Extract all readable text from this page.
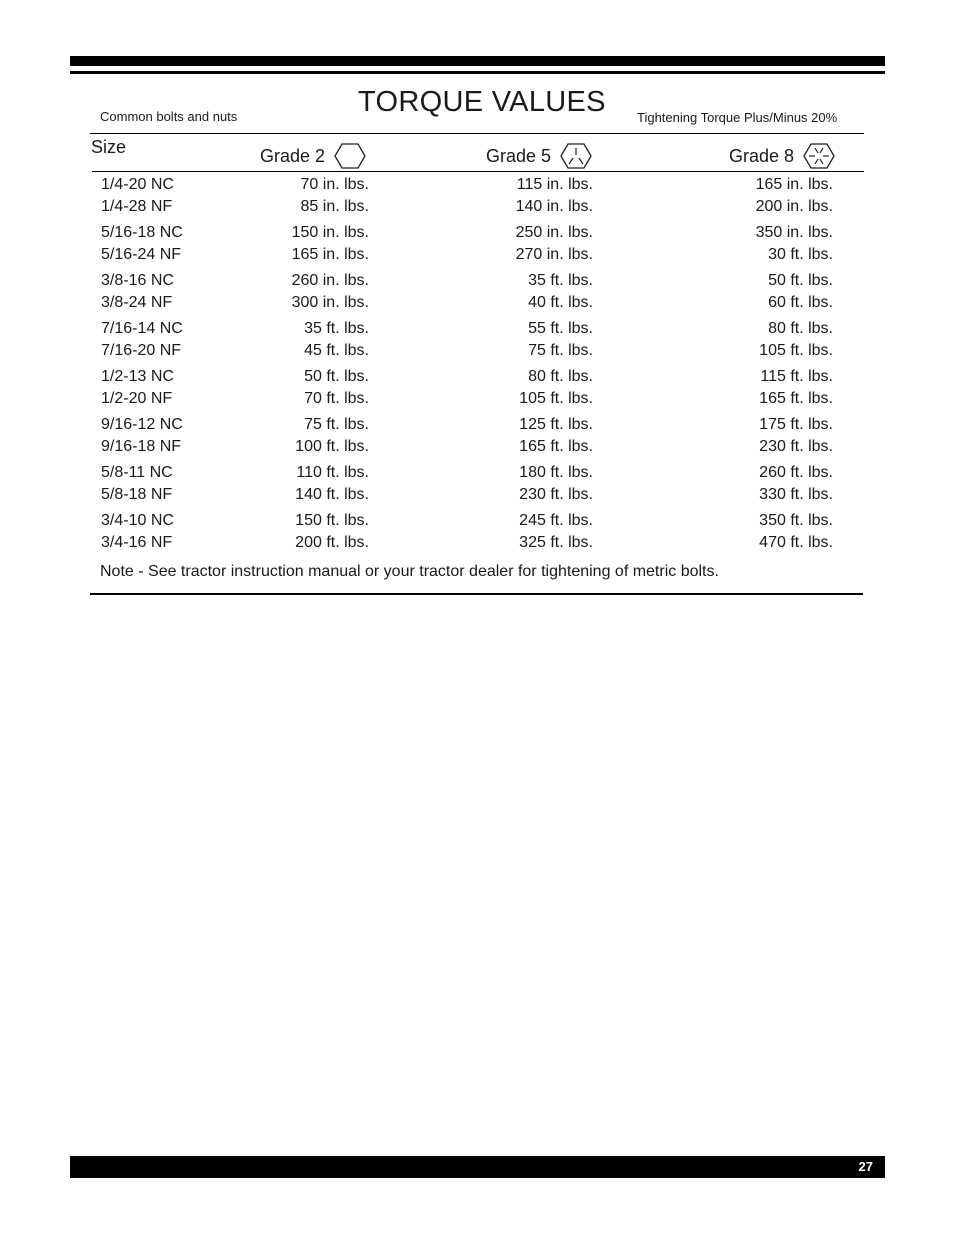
Common bolts and nuts	TORQUE VALUES Tightening Torque Plus/Minus 20%
Size	Grade 2	Grade 5	Grade 8
1/4-20 NC	70 in. lbs.	115 in. lbs.	165 in. lbs.
1/4-28 NF	85 in. lbs.	140 in. lbs.	200 in. lbs.
5/16-18 NC	150 in. lbs.	250 in. lbs.	350 in. lbs.
5/16-24 NF	165 in. lbs.	270 in. lbs.	30 ft. lbs.
3/8-16 NC	260 in. lbs.	35 ft. lbs.	50 ft. lbs.
3/8-24 NF	300 in. lbs.	40 ft. lbs.	60 ft. lbs.
7/16-14 NC	35 ft. lbs.	55 ft. lbs.	80 ft. lbs.
7/16-20 NF	45 ft. lbs.	75 ft. lbs.	105 ft. lbs.
1/2-13 NC	50 ft. lbs.	80 ft. lbs.	115 ft. lbs.
1/2-20 NF	70 ft. lbs.	105 ft. lbs.	165 ft. lbs.
9/16-12 NC	75 ft. lbs.	125 ft. lbs.	175 ft. lbs.
9/16-18 NF	100 ft. lbs.	165 ft. lbs.	230 ft. lbs.
5/8-11 NC	110 ft. lbs.	180 ft. lbs.	260 ft. lbs.
5/8-18 NF	140 ft. lbs.	230 ft. lbs.	330 ft. lbs.
3/4-10 NC	150 ft. lbs.	245 ft. lbs.	350 ft. lbs.
3/4-16 NF	200 ft. lbs.	325 ft. lbs.	470 ft. lbs.
Note - See tractor instruction manual or your tractor dealer for tightening of metric bolts.
27
